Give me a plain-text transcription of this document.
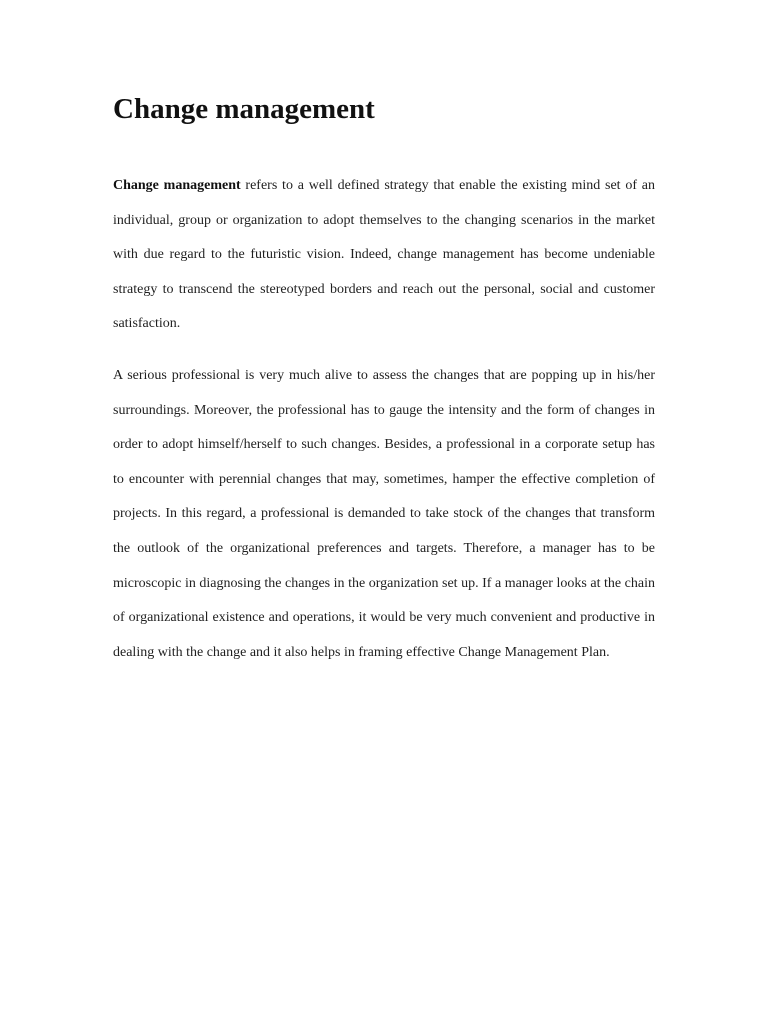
Change management

Change management refers to a well defined strategy that enable the existing mind set of an individual, group or organization to adopt themselves to the changing scenarios in the market with due regard to the futuristic vision. Indeed, change management has become undeniable strategy to transcend the stereotyped borders and reach out the personal, social and customer satisfaction.

A serious professional is very much alive to assess the changes that are popping up in his/her surroundings. Moreover, the professional has to gauge the intensity and the form of changes in order to adopt himself/herself to such changes. Besides, a professional in a corporate setup has to encounter with perennial changes that may, sometimes, hamper the effective completion of projects. In this regard, a professional is demanded to take stock of the changes that transform the outlook of the organizational preferences and targets. Therefore, a manager has to be microscopic in diagnosing the changes in the organization set up. If a manager looks at the chain of organizational existence and operations, it would be very much convenient and productive in dealing with the change and it also helps in framing effective Change Management Plan.
